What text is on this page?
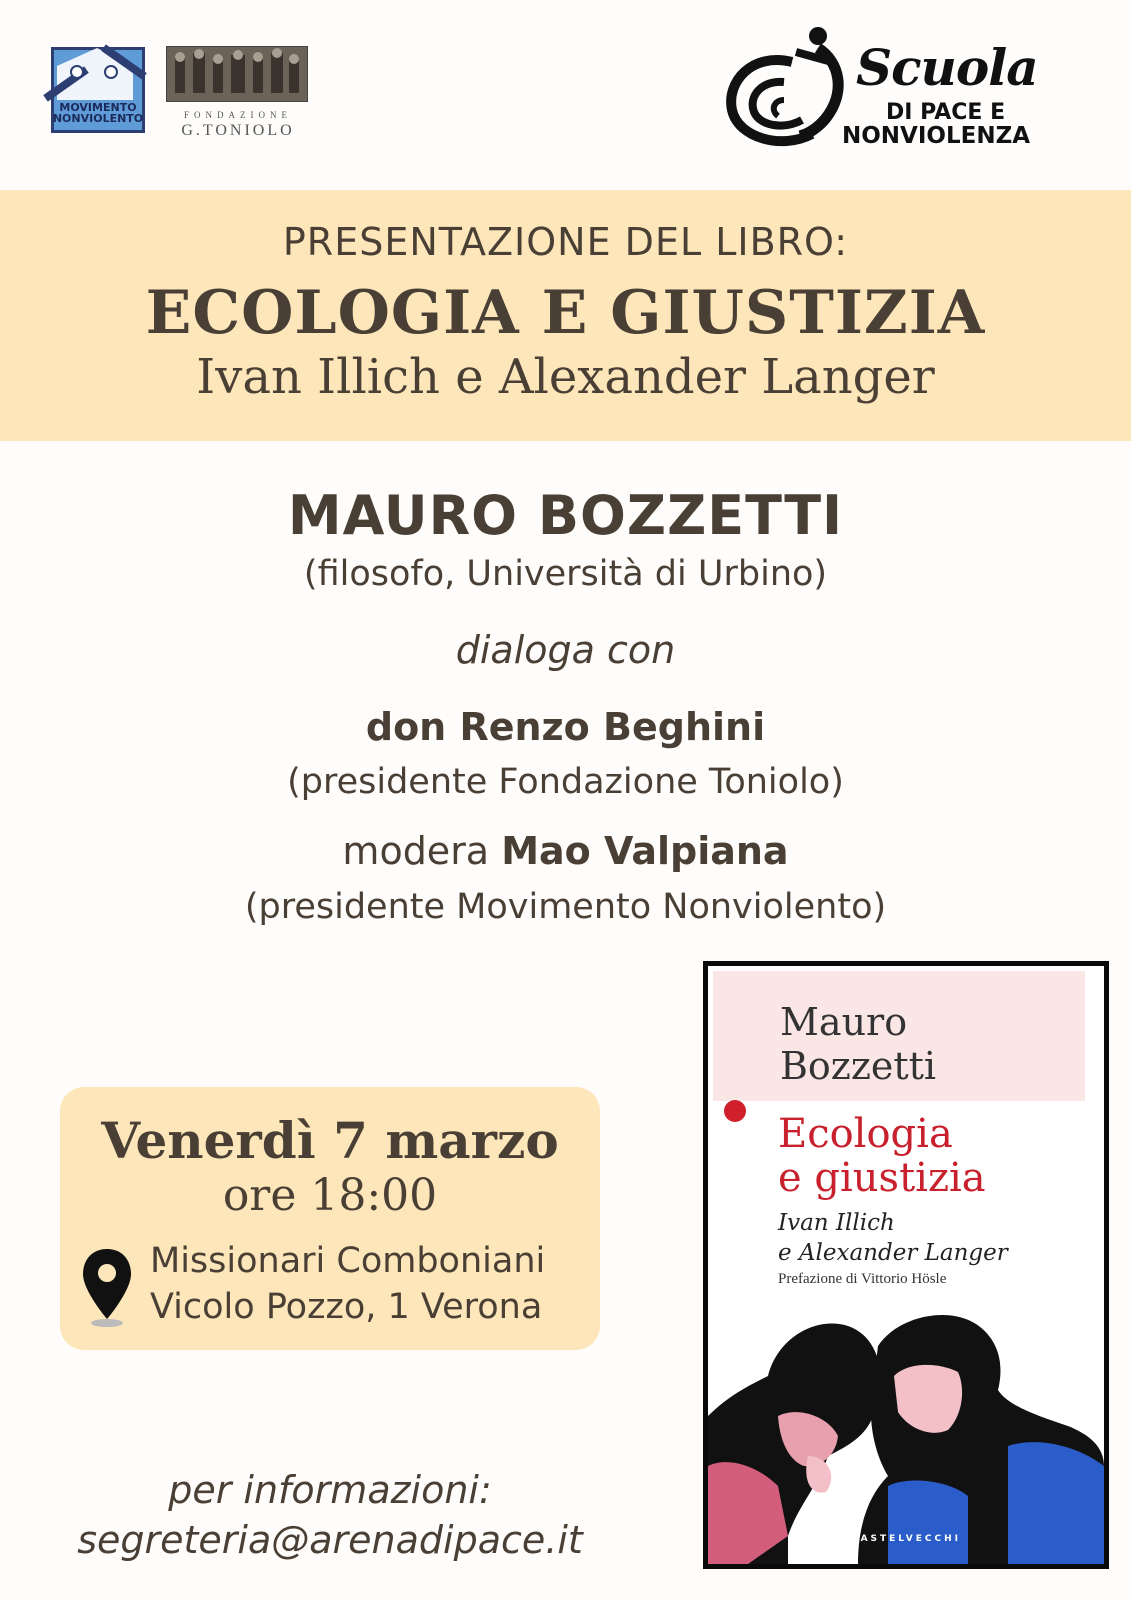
MOVIMENTO
NONVIOLENTO	FONDAZIONE
G.TONIOLO
Scuola
DI PACE E
NONVIOLENZA
PRESENTAZIONE DEL LIBRO:
ECOLOGIA E GIUSTIZIA
Ivan Illich e Alexander Langer
MAURO BOZZETTI
(filosofo, Università di Urbino)
dialoga con
don Renzo Beghini
(presidente Fondazione Toniolo)
modera Mao Valpiana
(presidente Movimento Nonviolento)
Venerdì 7 marzo
ore 18:00
Missionari Comboniani
Vicolo Pozzo, 1 Verona
per informazioni:
segreteria@arenadipace.it
Mauro
Bozzetti
Ecologia
e giustizia
Ivan Illich
e Alexander Langer
Prefazione di Vittorio Hösle
CASTELVECCHI
